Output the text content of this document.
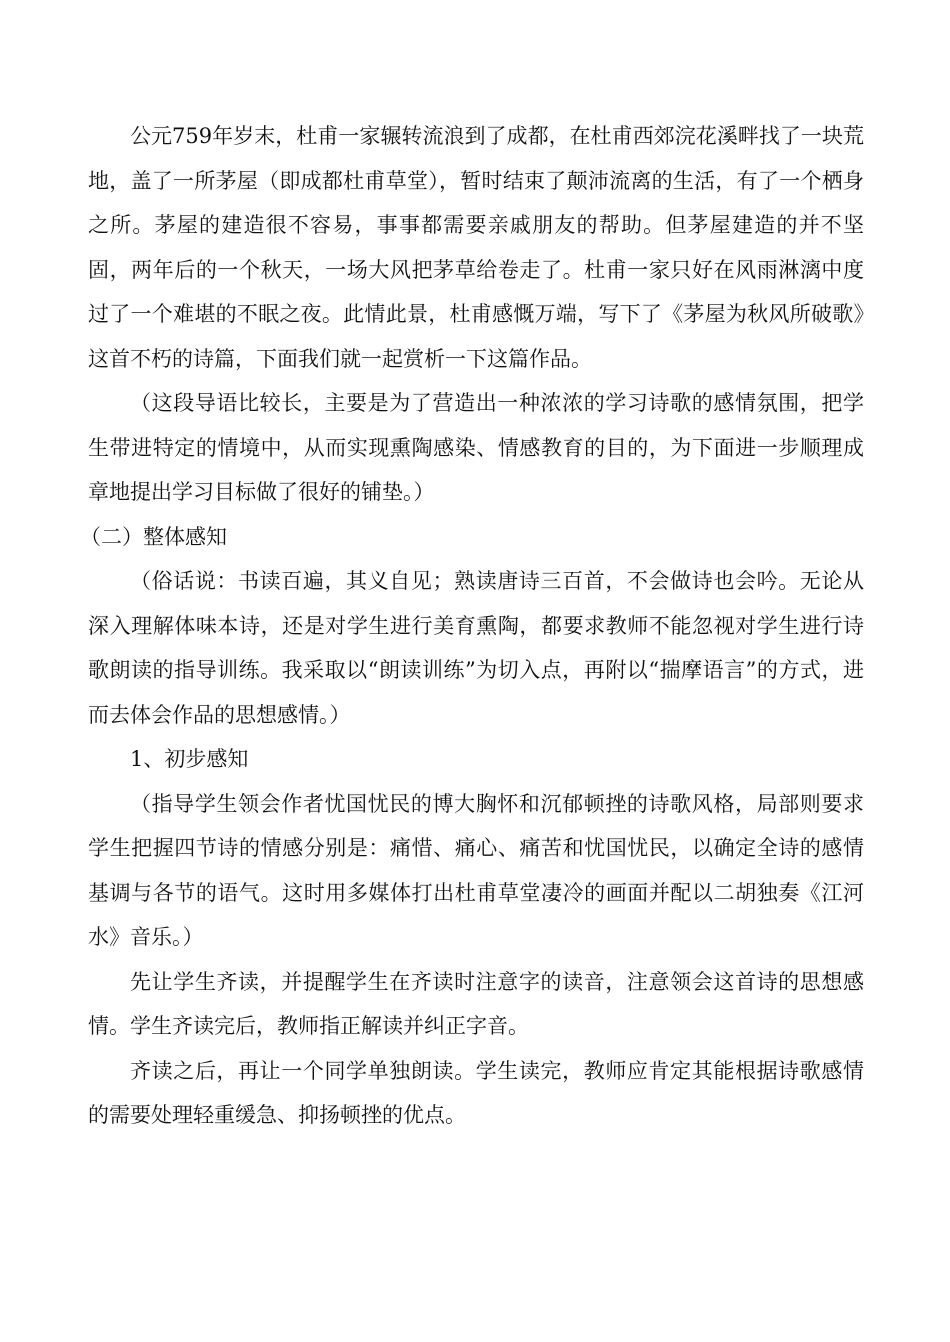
公元759年岁末，杜甫一家辗转流浪到了成都，在杜甫西郊浣花溪畔找了一块荒地，盖了一所茅屋（即成都杜甫草堂），暂时结束了颠沛流离的生活，有了一个栖身之所。茅屋的建造很不容易，事事都需要亲戚朋友的帮助。但茅屋建造的并不坚固，两年后的一个秋天，一场大风把茅草给卷走了。杜甫一家只好在风雨淋漓中度过了一个难堪的不眠之夜。此情此景，杜甫感慨万端，写下了《茅屋为秋风所破歌》这首不朽的诗篇，下面我们就一起赏析一下这篇作品。

（这段导语比较长，主要是为了营造出一种浓浓的学习诗歌的感情氛围，把学生带进特定的情境中，从而实现熏陶感染、情感教育的目的，为下面进一步顺理成章地提出学习目标做了很好的铺垫。）

（二）整体感知

（俗话说：书读百遍，其义自见；熟读唐诗三百首，不会做诗也会吟。无论从深入理解体味本诗，还是对学生进行美育熏陶，都要求教师不能忽视对学生进行诗歌朗读的指导训练。我采取以“朗读训练”为切入点，再附以“揣摩语言”的方式，进而去体会作品的思想感情。）

1、初步感知

（指导学生领会作者忧国忧民的博大胸怀和沉郁顿挫的诗歌风格，局部则要求学生把握四节诗的情感分别是：痛惜、痛心、痛苦和忧国忧民，以确定全诗的感情基调与各节的语气。这时用多媒体打出杜甫草堂凄冷的画面并配以二胡独奏《江河水》音乐。）

先让学生齐读，并提醒学生在齐读时注意字的读音，注意领会这首诗的思想感情。学生齐读完后，教师指正解读并纠正字音。

齐读之后，再让一个同学单独朗读。学生读完，教师应肯定其能根据诗歌感情的需要处理轻重缓急、抑扬顿挫的优点。
